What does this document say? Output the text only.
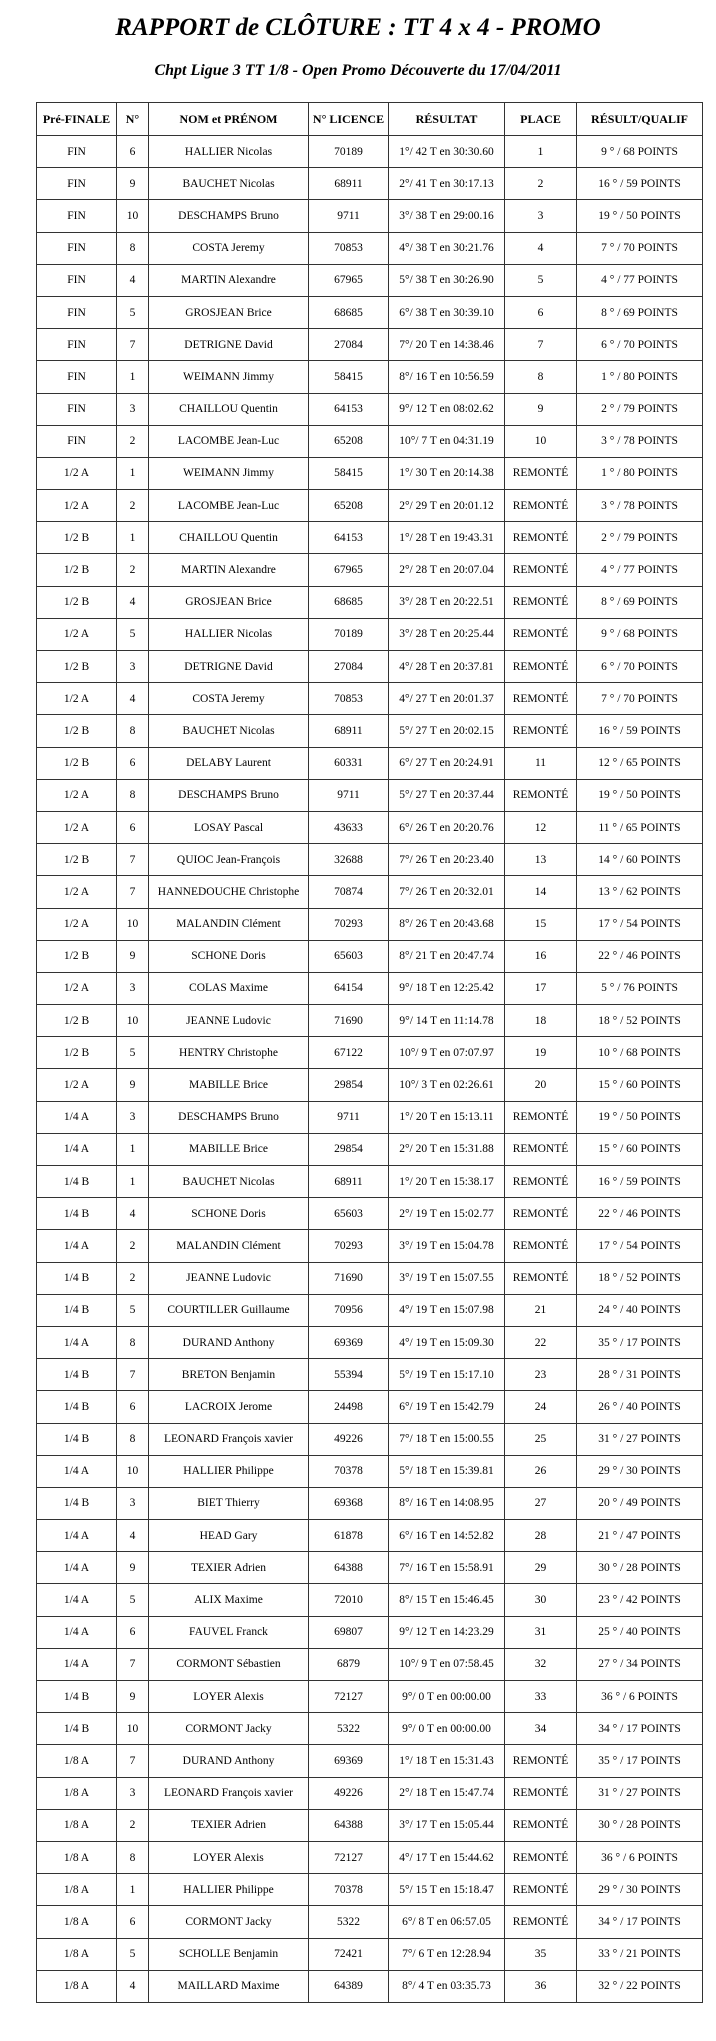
RAPPORT de CLÔTURE : TT 4 x 4 - PROMO
Chpt Ligue 3 TT 1/8 - Open Promo Découverte du 17/04/2011
Pré-FINALE	N°	NOM et PRÉNOM	N° LICENCE	RÉSULTAT	PLACE	RÉSULT/QUALIF
FIN	6	HALLIER Nicolas	70189	1°/ 42 T en 30:30.60	1	9 ° / 68 POINTS
FIN	9	BAUCHET Nicolas	68911	2°/ 41 T en 30:17.13	2	16 ° / 59 POINTS
FIN	10	DESCHAMPS Bruno	9711	3°/ 38 T en 29:00.16	3	19 ° / 50 POINTS
FIN	8	COSTA Jeremy	70853	4°/ 38 T en 30:21.76	4	7 ° / 70 POINTS
FIN	4	MARTIN Alexandre	67965	5°/ 38 T en 30:26.90	5	4 ° / 77 POINTS
FIN	5	GROSJEAN Brice	68685	6°/ 38 T en 30:39.10	6	8 ° / 69 POINTS
FIN	7	DETRIGNE David	27084	7°/ 20 T en 14:38.46	7	6 ° / 70 POINTS
FIN	1	WEIMANN Jimmy	58415	8°/ 16 T en 10:56.59	8	1 ° / 80 POINTS
FIN	3	CHAILLOU Quentin	64153	9°/ 12 T en 08:02.62	9	2 ° / 79 POINTS
FIN	2	LACOMBE Jean-Luc	65208	10°/ 7 T en 04:31.19	10	3 ° / 78 POINTS
1/2 A	1	WEIMANN Jimmy	58415	1°/ 30 T en 20:14.38	REMONTÉ	1 ° / 80 POINTS
1/2 A	2	LACOMBE Jean-Luc	65208	2°/ 29 T en 20:01.12	REMONTÉ	3 ° / 78 POINTS
1/2 B	1	CHAILLOU Quentin	64153	1°/ 28 T en 19:43.31	REMONTÉ	2 ° / 79 POINTS
1/2 B	2	MARTIN Alexandre	67965	2°/ 28 T en 20:07.04	REMONTÉ	4 ° / 77 POINTS
1/2 B	4	GROSJEAN Brice	68685	3°/ 28 T en 20:22.51	REMONTÉ	8 ° / 69 POINTS
1/2 A	5	HALLIER Nicolas	70189	3°/ 28 T en 20:25.44	REMONTÉ	9 ° / 68 POINTS
1/2 B	3	DETRIGNE David	27084	4°/ 28 T en 20:37.81	REMONTÉ	6 ° / 70 POINTS
1/2 A	4	COSTA Jeremy	70853	4°/ 27 T en 20:01.37	REMONTÉ	7 ° / 70 POINTS
1/2 B	8	BAUCHET Nicolas	68911	5°/ 27 T en 20:02.15	REMONTÉ	16 ° / 59 POINTS
1/2 B	6	DELABY Laurent	60331	6°/ 27 T en 20:24.91	11	12 ° / 65 POINTS
1/2 A	8	DESCHAMPS Bruno	9711	5°/ 27 T en 20:37.44	REMONTÉ	19 ° / 50 POINTS
1/2 A	6	LOSAY Pascal	43633	6°/ 26 T en 20:20.76	12	11 ° / 65 POINTS
1/2 B	7	QUIOC Jean-François	32688	7°/ 26 T en 20:23.40	13	14 ° / 60 POINTS
1/2 A	7	HANNEDOUCHE Christophe	70874	7°/ 26 T en 20:32.01	14	13 ° / 62 POINTS
1/2 A	10	MALANDIN Clément	70293	8°/ 26 T en 20:43.68	15	17 ° / 54 POINTS
1/2 B	9	SCHONE Doris	65603	8°/ 21 T en 20:47.74	16	22 ° / 46 POINTS
1/2 A	3	COLAS Maxime	64154	9°/ 18 T en 12:25.42	17	5 ° / 76 POINTS
1/2 B	10	JEANNE Ludovic	71690	9°/ 14 T en 11:14.78	18	18 ° / 52 POINTS
1/2 B	5	HENTRY Christophe	67122	10°/ 9 T en 07:07.97	19	10 ° / 68 POINTS
1/2 A	9	MABILLE Brice	29854	10°/ 3 T en 02:26.61	20	15 ° / 60 POINTS
1/4 A	3	DESCHAMPS Bruno	9711	1°/ 20 T en 15:13.11	REMONTÉ	19 ° / 50 POINTS
1/4 A	1	MABILLE Brice	29854	2°/ 20 T en 15:31.88	REMONTÉ	15 ° / 60 POINTS
1/4 B	1	BAUCHET Nicolas	68911	1°/ 20 T en 15:38.17	REMONTÉ	16 ° / 59 POINTS
1/4 B	4	SCHONE Doris	65603	2°/ 19 T en 15:02.77	REMONTÉ	22 ° / 46 POINTS
1/4 A	2	MALANDIN Clément	70293	3°/ 19 T en 15:04.78	REMONTÉ	17 ° / 54 POINTS
1/4 B	2	JEANNE Ludovic	71690	3°/ 19 T en 15:07.55	REMONTÉ	18 ° / 52 POINTS
1/4 B	5	COURTILLER Guillaume	70956	4°/ 19 T en 15:07.98	21	24 ° / 40 POINTS
1/4 A	8	DURAND Anthony	69369	4°/ 19 T en 15:09.30	22	35 ° / 17 POINTS
1/4 B	7	BRETON Benjamin	55394	5°/ 19 T en 15:17.10	23	28 ° / 31 POINTS
1/4 B	6	LACROIX Jerome	24498	6°/ 19 T en 15:42.79	24	26 ° / 40 POINTS
1/4 B	8	LEONARD François xavier	49226	7°/ 18 T en 15:00.55	25	31 ° / 27 POINTS
1/4 A	10	HALLIER Philippe	70378	5°/ 18 T en 15:39.81	26	29 ° / 30 POINTS
1/4 B	3	BIET Thierry	69368	8°/ 16 T en 14:08.95	27	20 ° / 49 POINTS
1/4 A	4	HEAD Gary	61878	6°/ 16 T en 14:52.82	28	21 ° / 47 POINTS
1/4 A	9	TEXIER Adrien	64388	7°/ 16 T en 15:58.91	29	30 ° / 28 POINTS
1/4 A	5	ALIX Maxime	72010	8°/ 15 T en 15:46.45	30	23 ° / 42 POINTS
1/4 A	6	FAUVEL Franck	69807	9°/ 12 T en 14:23.29	31	25 ° / 40 POINTS
1/4 A	7	CORMONT Sébastien	6879	10°/ 9 T en 07:58.45	32	27 ° / 34 POINTS
1/4 B	9	LOYER Alexis	72127	9°/ 0 T en 00:00.00	33	36 ° / 6 POINTS
1/4 B	10	CORMONT Jacky	5322	9°/ 0 T en 00:00.00	34	34 ° / 17 POINTS
1/8 A	7	DURAND Anthony	69369	1°/ 18 T en 15:31.43	REMONTÉ	35 ° / 17 POINTS
1/8 A	3	LEONARD François xavier	49226	2°/ 18 T en 15:47.74	REMONTÉ	31 ° / 27 POINTS
1/8 A	2	TEXIER Adrien	64388	3°/ 17 T en 15:05.44	REMONTÉ	30 ° / 28 POINTS
1/8 A	8	LOYER Alexis	72127	4°/ 17 T en 15:44.62	REMONTÉ	36 ° / 6 POINTS
1/8 A	1	HALLIER Philippe	70378	5°/ 15 T en 15:18.47	REMONTÉ	29 ° / 30 POINTS
1/8 A	6	CORMONT Jacky	5322	6°/ 8 T en 06:57.05	REMONTÉ	34 ° / 17 POINTS
1/8 A	5	SCHOLLE Benjamin	72421	7°/ 6 T en 12:28.94	35	33 ° / 21 POINTS
1/8 A	4	MAILLARD Maxime	64389	8°/ 4 T en 03:35.73	36	32 ° / 22 POINTS
